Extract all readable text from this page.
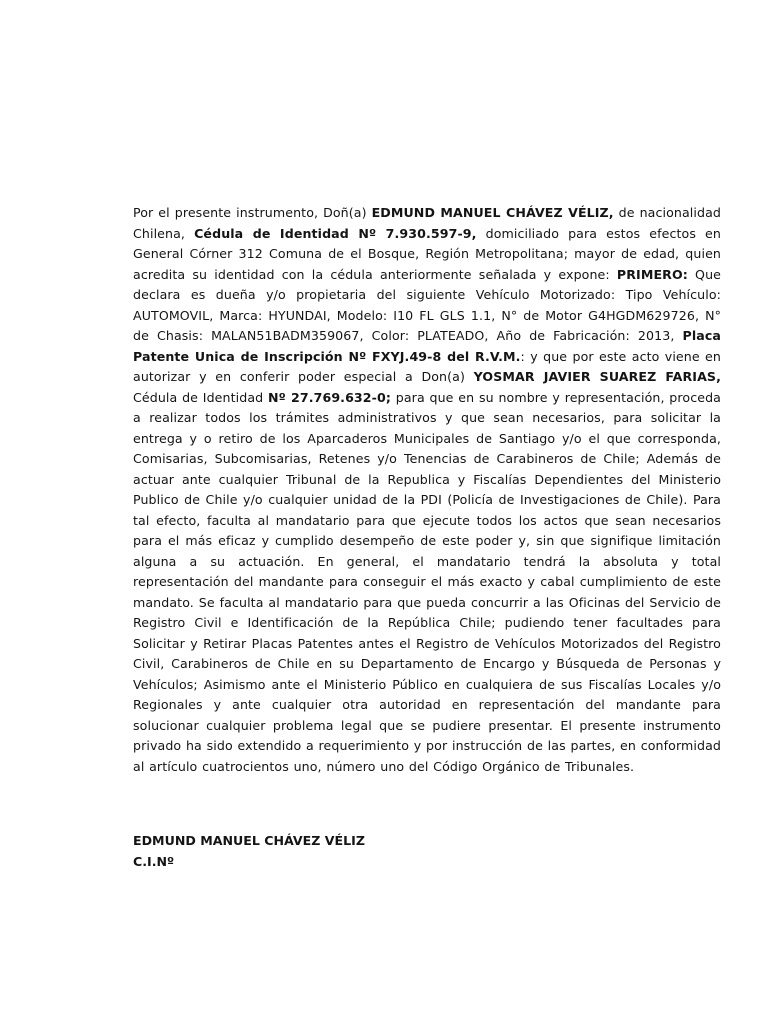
Por el presente instrumento, Doñ(a) EDMUND MANUEL CHÁVEZ VÉLIZ, de nacionalidad Chilena, Cédula de Identidad Nº 7.930.597-9, domiciliado para estos efectos en General Córner 312 Comuna de el Bosque, Región Metropolitana; mayor de edad, quien acredita su identidad con la cédula anteriormente señalada y expone: PRIMERO: Que declara es dueña y/o propietaria del siguiente Vehículo Motorizado: Tipo Vehículo: AUTOMOVIL, Marca: HYUNDAI, Modelo: I10 FL GLS 1.1, N° de Motor G4HGDM629726, N° de Chasis: MALAN51BADM359067, Color: PLATEADO, Año de Fabricación: 2013, Placa Patente Unica de Inscripción Nº FXYJ.49-8 del R.V.M.: y que por este acto viene en autorizar y en conferir poder especial a Don(a) YOSMAR JAVIER SUAREZ FARIAS, Cédula de Identidad Nº 27.769.632-0; para que en su nombre y representación, proceda a realizar todos los trámites administrativos y que sean necesarios, para solicitar la entrega y o retiro de los Aparcaderos Municipales de Santiago y/o el que corresponda, Comisarias, Subcomisarias, Retenes y/o Tenencias de Carabineros de Chile; Además de actuar ante cualquier Tribunal de la Republica y Fiscalías Dependientes del Ministerio Publico de Chile y/o cualquier unidad de la PDI (Policía de Investigaciones de Chile). Para tal efecto, faculta al mandatario para que ejecute todos los actos que sean necesarios para el más eficaz y cumplido desempeño de este poder y, sin que signifique limitación alguna a su actuación. En general, el mandatario tendrá la absoluta y total representación del mandante para conseguir el más exacto y cabal cumplimiento de este mandato. Se faculta al mandatario para que pueda concurrir a las Oficinas del Servicio de Registro Civil e Identificación de la República Chile; pudiendo tener facultades para Solicitar y Retirar Placas Patentes antes el Registro de Vehículos Motorizados del Registro Civil, Carabineros de Chile en su Departamento de Encargo y Búsqueda de Personas y Vehículos; Asimismo ante el Ministerio Público en cualquiera de sus Fiscalías Locales y/o Regionales y ante cualquier otra autoridad en representación del mandante para solucionar cualquier problema legal que se pudiere presentar. El presente instrumento privado ha sido extendido a requerimiento y por instrucción de las partes, en conformidad al artículo cuatrocientos uno, número uno del Código Orgánico de Tribunales.

EDMUND MANUEL CHÁVEZ VÉLIZ
C.I.Nº
